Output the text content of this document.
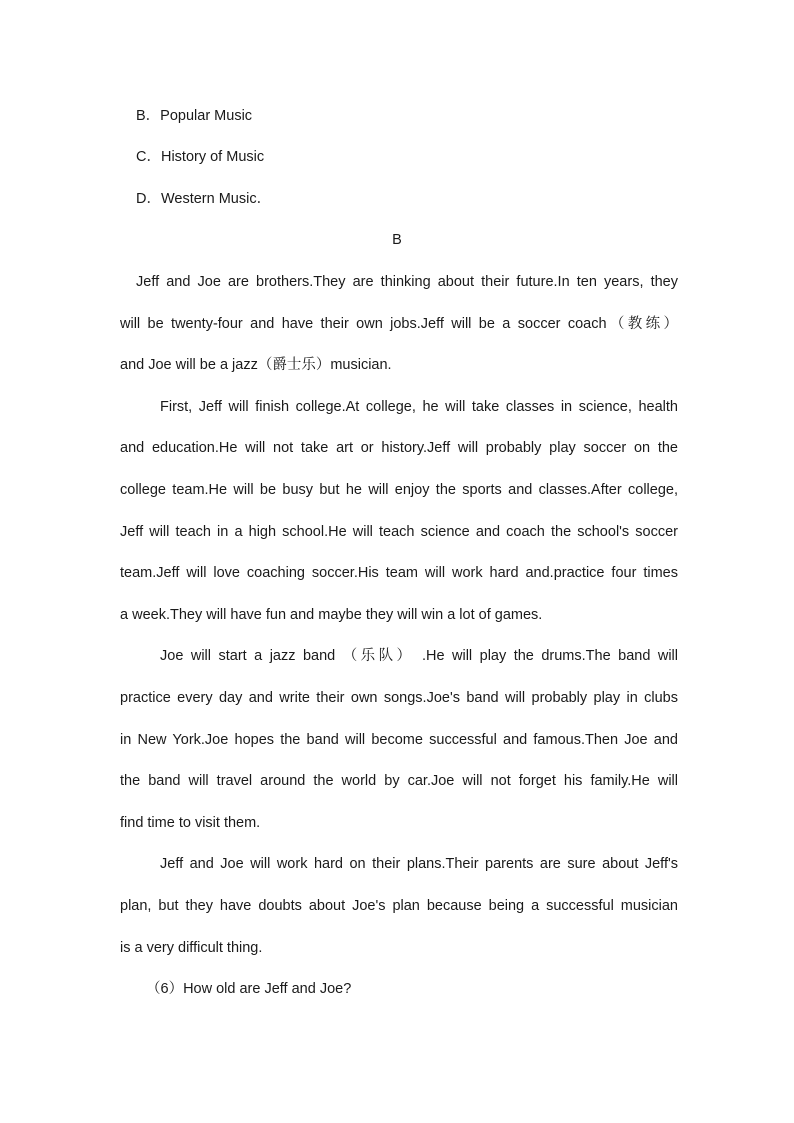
B．Popular Music
C．History of Music
D．Western Music．
B
Jeff and Joe are brothers.They are thinking about their future.In ten years, they
will be twenty-four and have their own jobs.Jeff will be a soccer coach（教练）
and Joe will be a jazz（爵士乐）musician.
First, Jeff will finish college.At college, he will take classes in science, health
and education.He will not take art or history.Jeff will probably play soccer on the
college team.He will be busy but he will enjoy the sports and classes.After college,
Jeff will teach in a high school.He will teach science and coach the school's soccer
team.Jeff will love coaching soccer.His team will work hard and.practice four times
a week.They will have fun and maybe they will win a lot of games.
Joe will start a jazz band （乐队） .He will play the drums.The band will
practice every day and write their own songs.Joe's band will probably play in clubs
in New York.Joe hopes the band will become successful and famous.Then Joe and
the band will travel around the world by car.Joe will not forget his family.He will
find time to visit them.
Jeff and Joe will work hard on their plans.Their parents are sure about Jeff's
plan, but they have doubts about Joe's plan because being a successful musician
is a very difficult thing.
（6）How old are Jeff and Joe?
